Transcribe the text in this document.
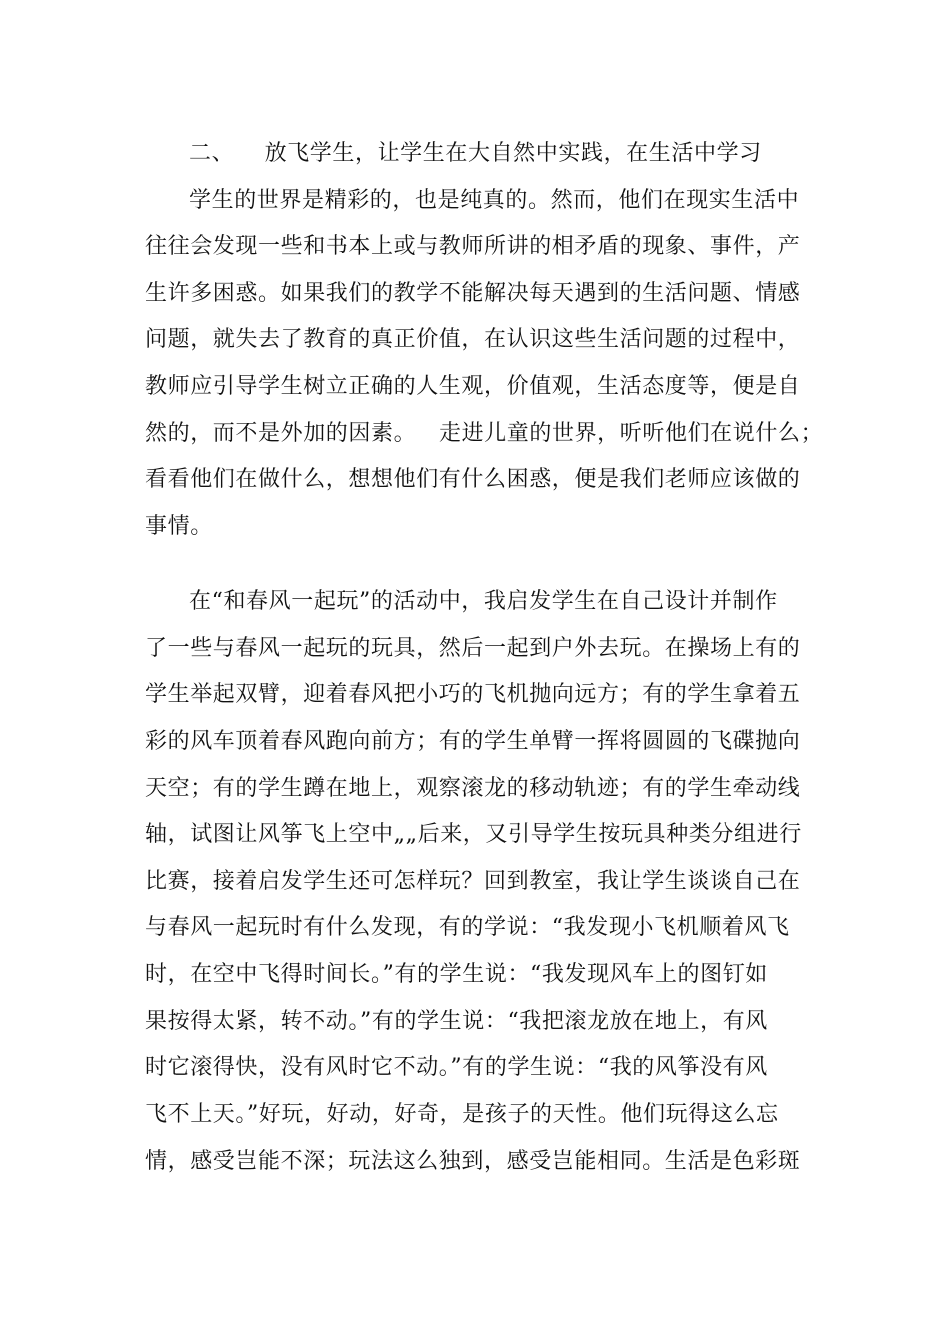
二、    放飞学生，让学生在大自然中实践，在生活中学习
学生的世界是精彩的，也是纯真的。然而，他们在现实生活中
往往会发现一些和书本上或与教师所讲的相矛盾的现象、事件，产
生许多困惑。如果我们的教学不能解决每天遇到的生活问题、情感
问题，就失去了教育的真正价值，在认识这些生活问题的过程中，
教师应引导学生树立正确的人生观，价值观，生活态度等，便是自
然的，而不是外加的因素。   走进儿童的世界，听听他们在说什么；
看看他们在做什么，想想他们有什么困惑，便是我们老师应该做的
事情。
在“和春风一起玩”的活动中，我启发学生在自己设计并制作
了一些与春风一起玩的玩具，然后一起到户外去玩。在操场上有的
学生举起双臂，迎着春风把小巧的飞机抛向远方；有的学生拿着五
彩的风车顶着春风跑向前方；有的学生单臂一挥将圆圆的飞碟抛向
天空；有的学生蹲在地上，观察滚龙的移动轨迹；有的学生牵动线
轴，试图让风筝飞上空中„„后来，又引导学生按玩具种类分组进行
比赛，接着启发学生还可怎样玩？回到教室，我让学生谈谈自己在
与春风一起玩时有什么发现，有的学说：“我发现小飞机顺着风飞
时，在空中飞得时间长。”有的学生说：“我发现风车上的图钉如
果按得太紧，转不动。”有的学生说：“我把滚龙放在地上，有风
时它滚得快，没有风时它不动。”有的学生说：“我的风筝没有风
飞不上天。”好玩，好动，好奇，是孩子的天性。他们玩得这么忘
情，感受岂能不深；玩法这么独到，感受岂能相同。生活是色彩斑
